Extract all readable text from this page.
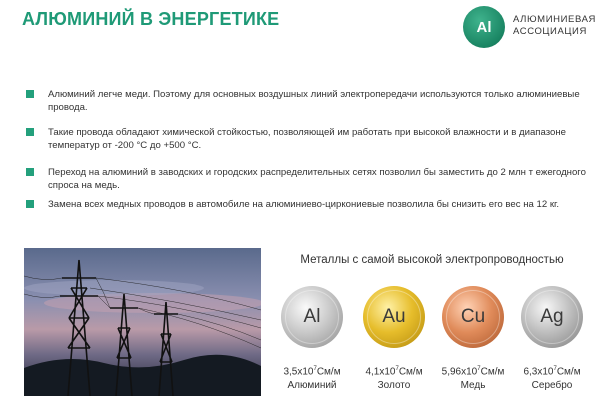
АЛЮМИНИЙ В ЭНЕРГЕТИКЕ	Al АЛЮМИНИЕВАЯ
АССОЦИАЦИЯ
Алюминий легче меди. Поэтому для основных воздушных линий электропередачи используются только алюминиевые провода.
Такие провода обладают химической стойкостью, позволяющей им работать при высокой влажности и в диапазоне температур от -200 °С до +500 °С.
Переход на алюминий в заводских и городских распределительных сетях позволил бы заместить до 2 млн т ежегодного спроса на медь.
Замена всех медных проводов в автомобиле на алюминиево-циркониевые позволила бы снизить его вес на 12 кг.
Металлы с самой высокой электропроводностью
Al	Au	Cu	Ag
$3,5x10^7См/м$
Алюминий
$4,1x10^7См/м$
Золото
$5,96x10^7См/м$
Медь
$6,3x10^7См/м$
Серебро
